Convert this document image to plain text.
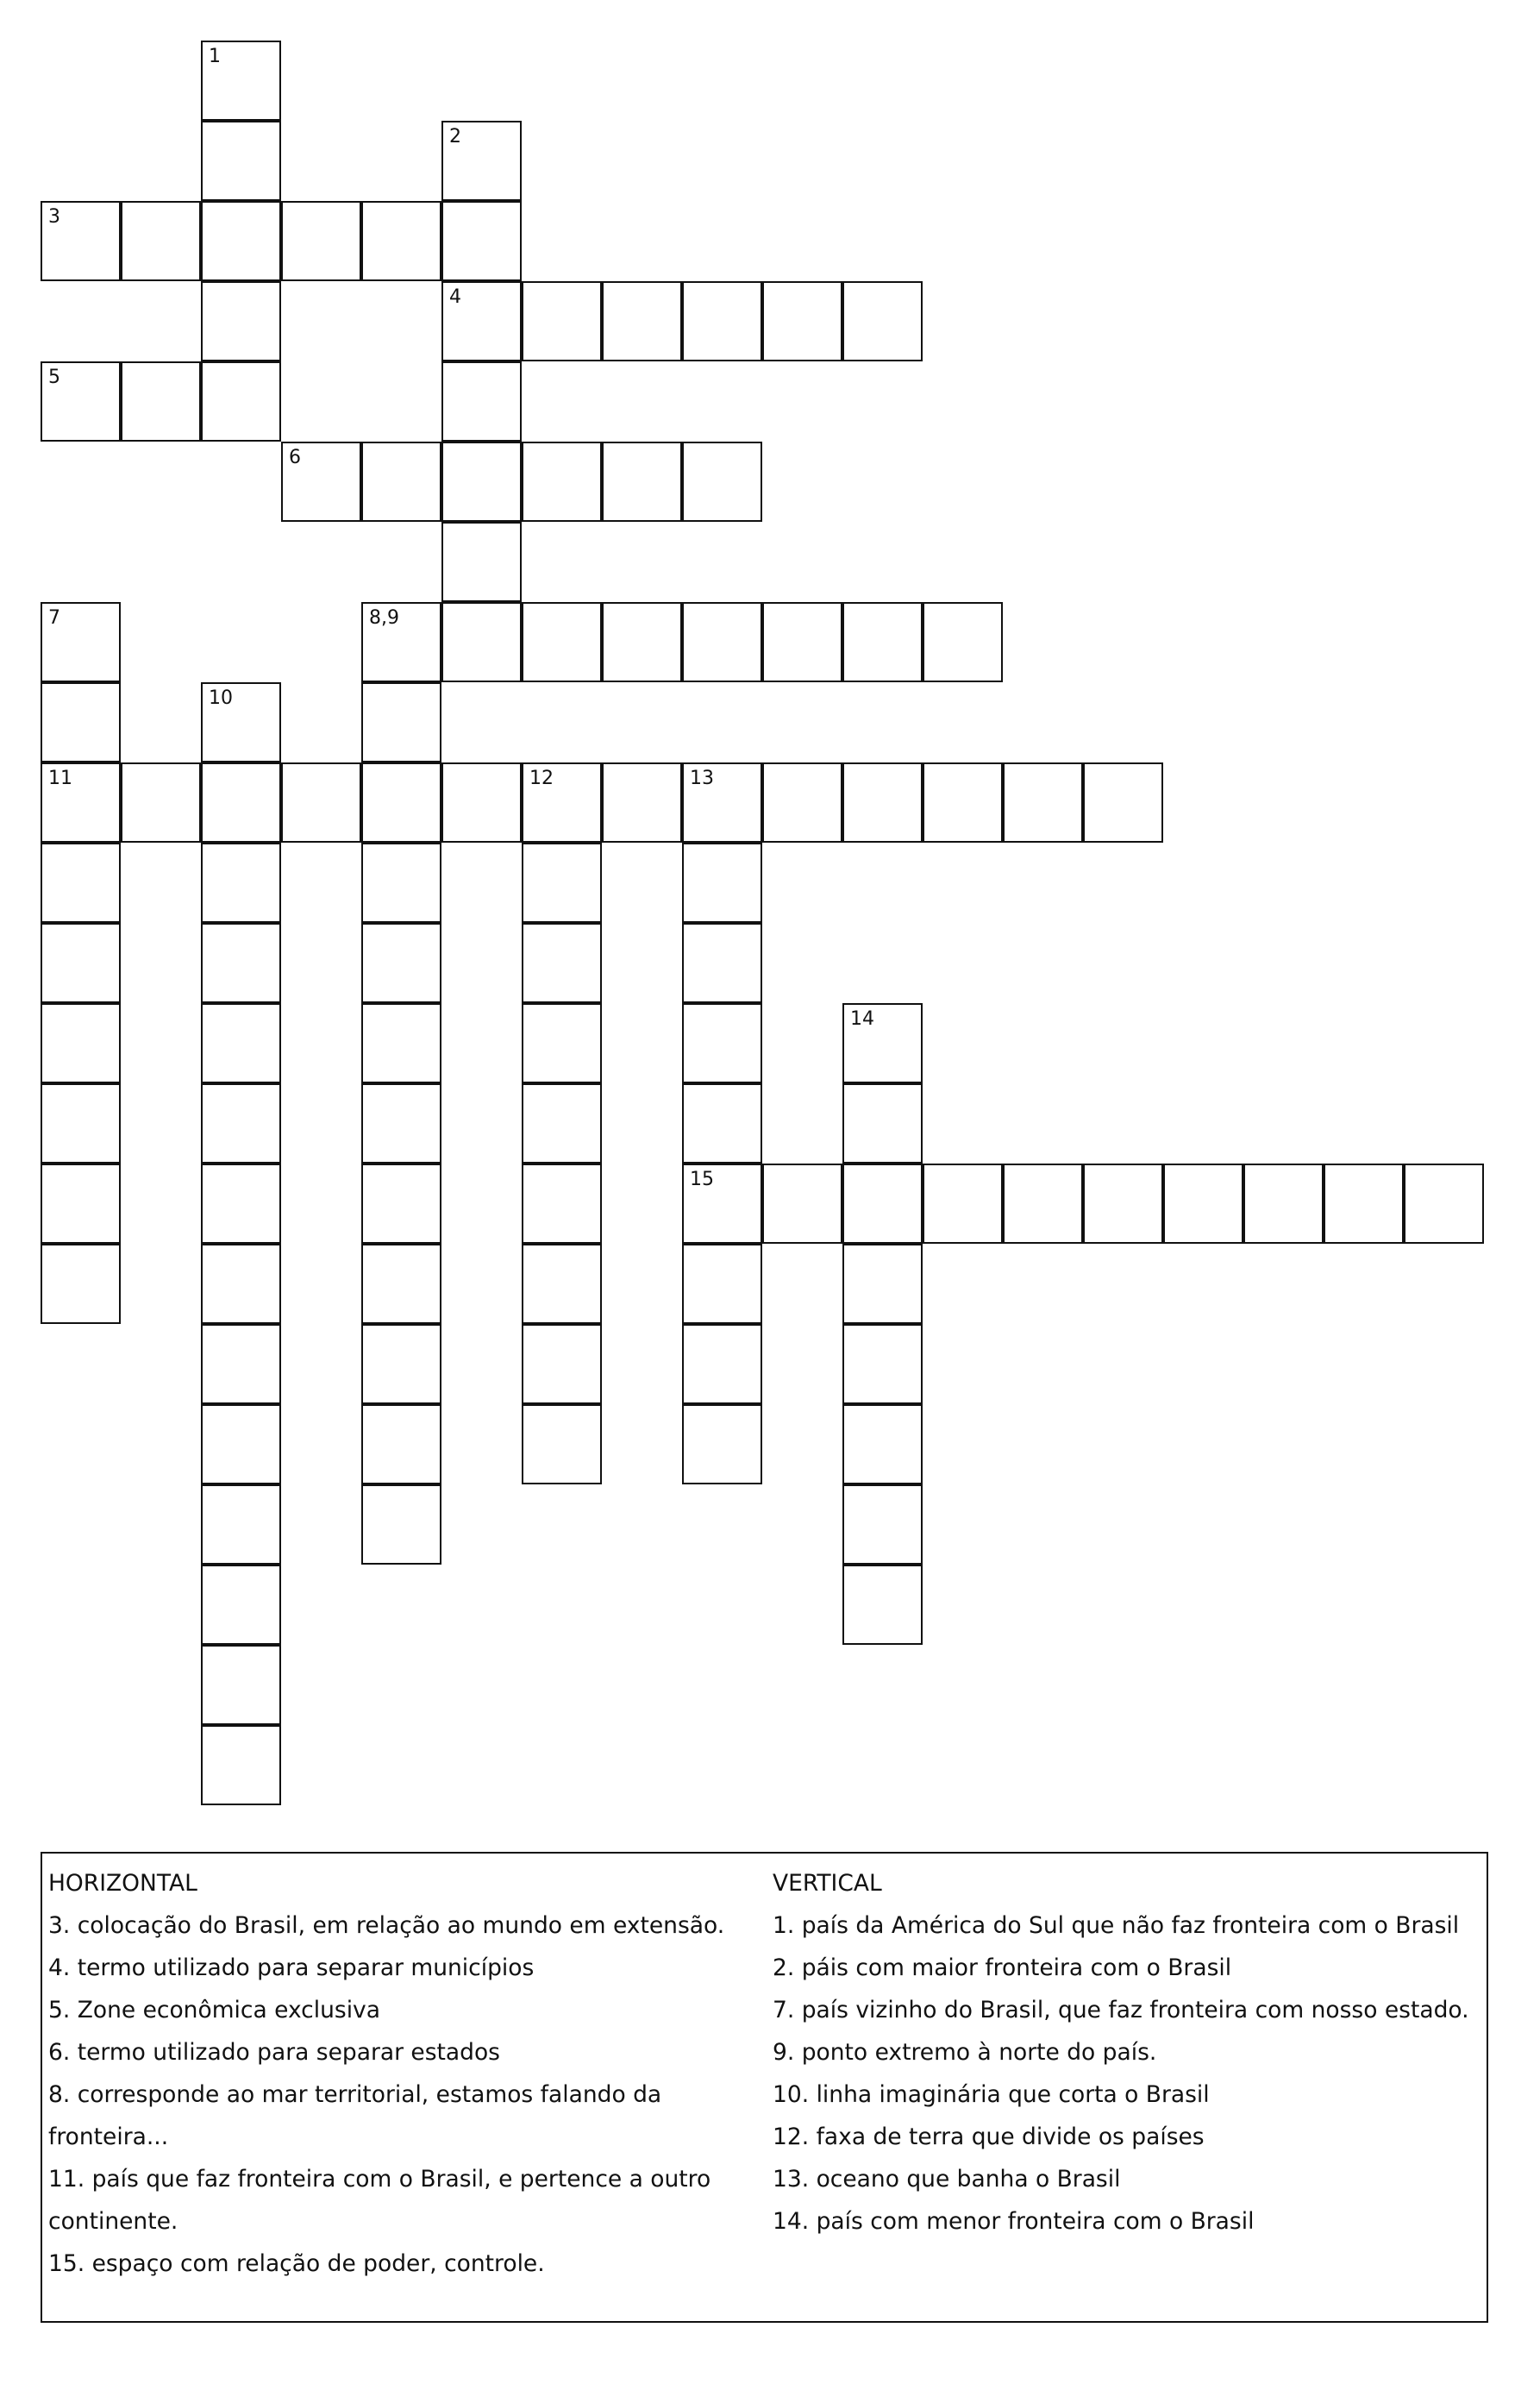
1
2
4
3
5
6
7
11
8,9
10
12	13
15
14
HORIZONTAL
3. colocação do Brasil, em relação ao mundo em extensão.
4. termo utilizado para separar municípios
5. Zone econômica exclusiva
6. termo utilizado para separar estados
8. corresponde ao mar territorial, estamos falando da
fronteira...
11. país que faz fronteira com o Brasil, e pertence a outro
continente.
15. espaço com relação de poder, controle.
VERTICAL
1. país da América do Sul que não faz fronteira com o Brasil
2. páis com maior fronteira com o Brasil
7. país vizinho do Brasil, que faz fronteira com nosso estado.
9. ponto extremo à norte do país.
10. linha imaginária que corta o Brasil
12. faxa de terra que divide os países
13. oceano que banha o Brasil
14. país com menor fronteira com o Brasil
